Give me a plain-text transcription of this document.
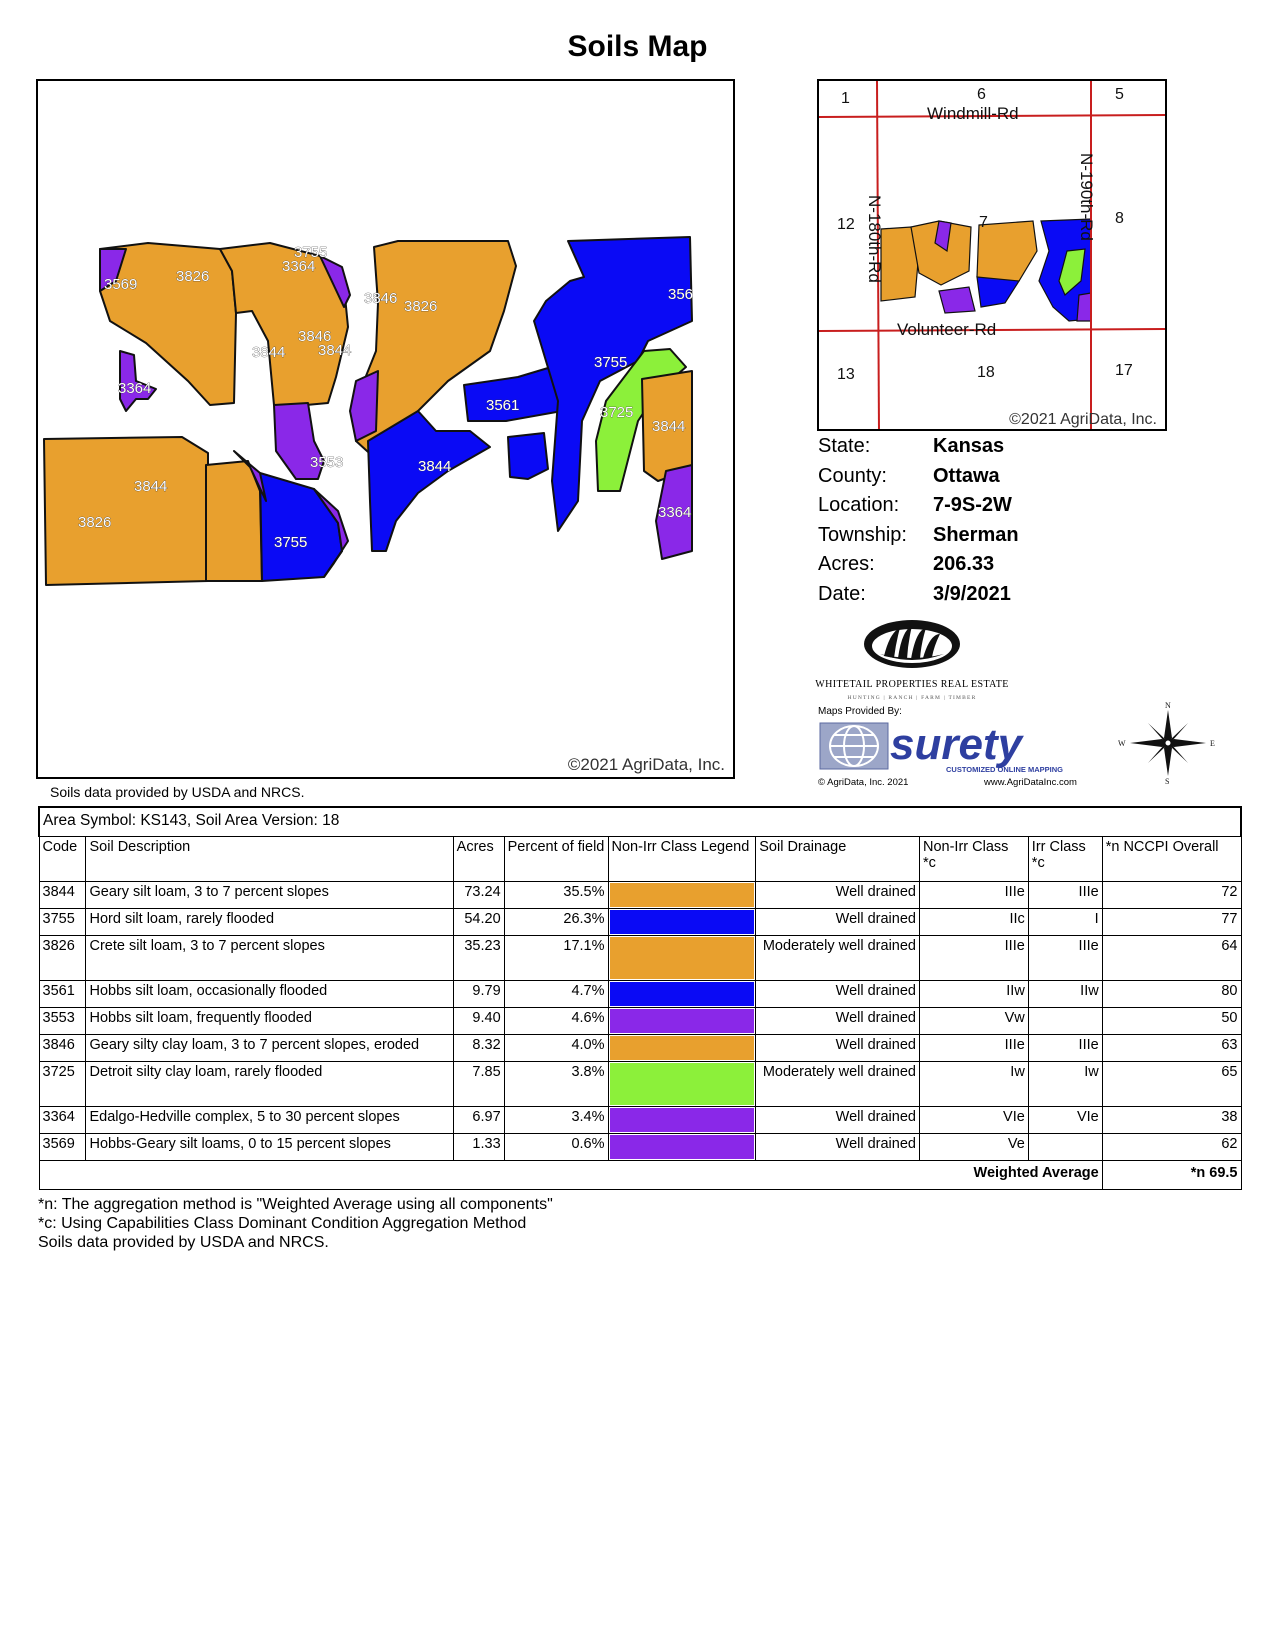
Soils Map
3569	3826
3755
3364
3846 3826
3844
3846
3844
3364
3553	3844
3844
3826
3755
3561
3755
356
3725
3844
3364
©2021 AgriData, Inc.
Soils data provided by USDA and NRCS.
1	6	5
12	7	8
13	18	17
Windmill-Rd
Volunteer-Rd
N-180th-Rd	N-190th-Rd
©2021 AgriData, Inc.
State:	Kansas
County:	Ottawa
Location:	7-9S-2W
Township:	Sherman
Acres:	206.33
Date:	3/9/2021
WHITETAIL PROPERTIES REAL ESTATE
HUNTING | RANCH | FARM | TIMBER
Maps Provided By:
surety
CUSTOMIZED ONLINE MAPPING
© AgriData, Inc. 2021	www.AgriDataInc.com
N
S
W	E
Area Symbol: KS143, Soil Area Version: 18								
Code	Soil Description	Acres	Percent of field	Non-Irr Class Legend	Soil Drainage	Non-Irr Class *c	Irr Class *c	*n NCCPI Overall
3844	Geary silt loam, 3 to 7 percent slopes	73.24	35.5%		Well drained	IIIe	IIIe	72
3755	Hord silt loam, rarely flooded	54.20	26.3%		Well drained	IIc	I	77
3826	Crete silt loam, 3 to 7 percent slopes	35.23	17.1%		Moderately well drained	IIIe	IIIe	64
3561	Hobbs silt loam, occasionally flooded	9.79	4.7%		Well drained	IIw	IIw	80
3553	Hobbs silt loam, frequently flooded	9.40	4.6%		Well drained	Vw		50
3846	Geary silty clay loam, 3 to 7 percent slopes, eroded	8.32	4.0%		Well drained	IIIe	IIIe	63
3725	Detroit silty clay loam, rarely flooded	7.85	3.8%		Moderately well drained	Iw	Iw	65
3364	Edalgo-Hedville complex, 5 to 30 percent slopes	6.97	3.4%		Well drained	VIe	VIe	38
3569	Hobbs-Geary silt loams, 0 to 15 percent slopes	1.33	0.6%		Well drained	Ve		62
						Weighted Average		*n 69.5
*n: The aggregation method is "Weighted Average using all components"
*c: Using Capabilities Class Dominant Condition Aggregation Method
Soils data provided by USDA and NRCS.
